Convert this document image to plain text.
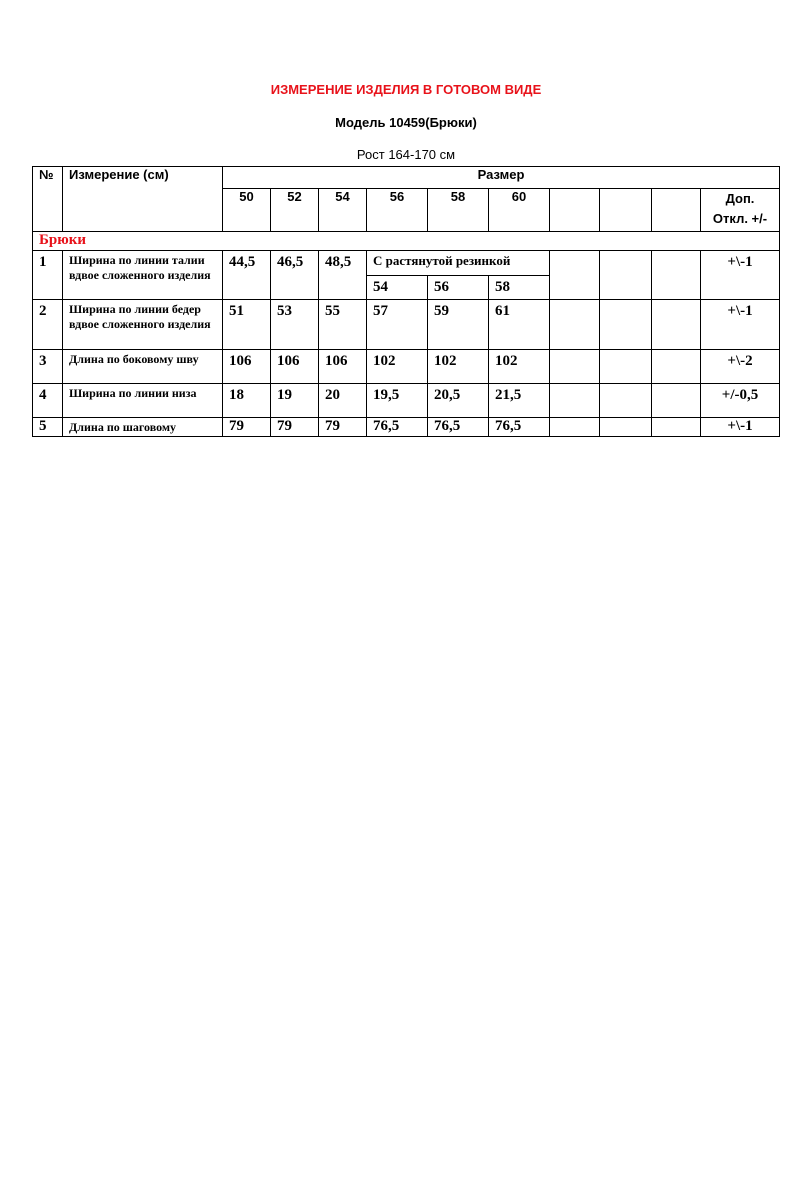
ИЗМЕРЕНИЕ ИЗДЕЛИЯ В ГОТОВОМ ВИДЕ
Модель 10459(Брюки)
Рост 164-170 см
№	Измерение (см)	Размер									
		50	52	54	56	58	60				Доп.
Откл. +/-

Брюки											
1	Ширина по линии талии вдвое сложенного изделия	44,5	46,5	48,5	С растянутой резинкой						+\-1
					54	56	58				
2	Ширина по линии бедер вдвое сложенного изделия	51	53	55	57	59	61				+\-1
3	Длина по боковому шву	106	106	106	102	102	102				+\-2
4	Ширина по линии низа	18	19	20	19,5	20,5	21,5				+/-0,5
5	Длина по шаговому	79	79	79	76,5	76,5	76,5				+\-1
